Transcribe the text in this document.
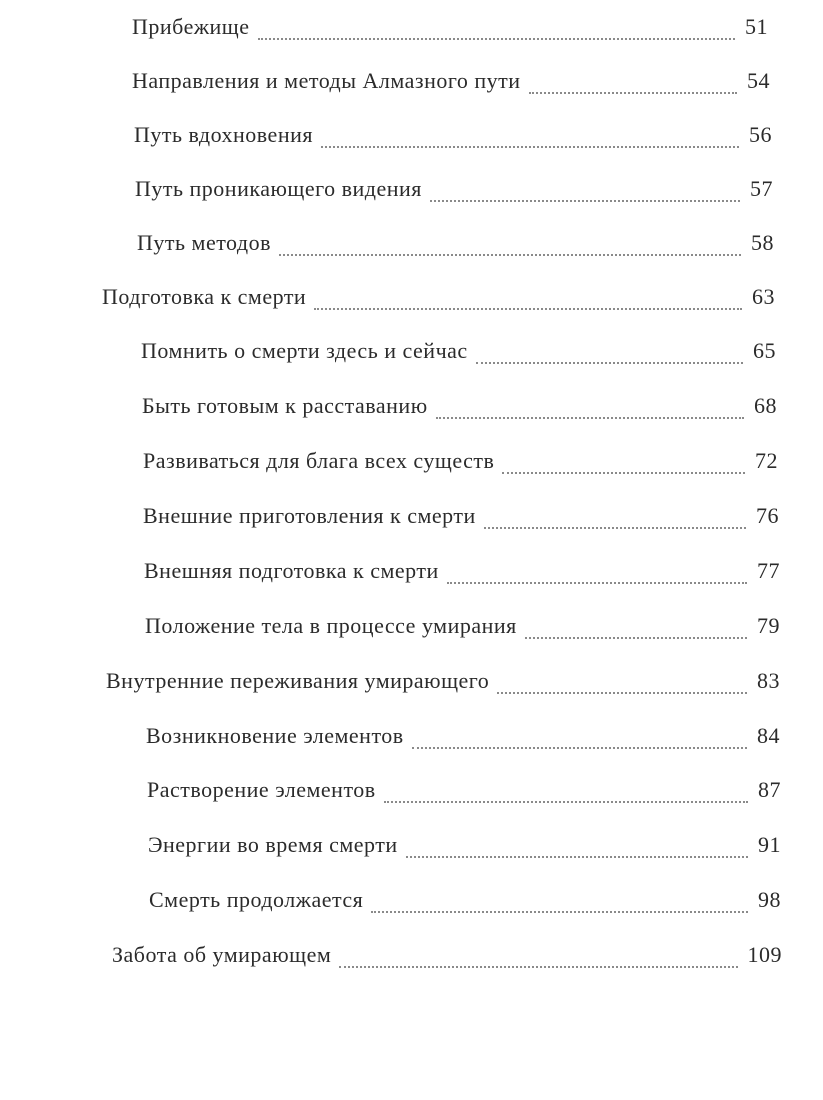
Прибежище	51
Направления и методы Алмазного пути	54
Путь вдохновения	56
Путь проникающего видения	57
Путь методов	58
Подготовка к смерти	63
Помнить о смерти здесь и сейчас	65
Быть готовым к расставанию	68
Развиваться для блага всех существ	72
Внешние приготовления к смерти	76
Внешняя подготовка к смерти	77
Положение тела в процессе умирания	79
Внутренние переживания умирающего	83
Возникновение элементов	84
Растворение элементов	87
Энергии во время смерти	91
Смерть продолжается	98
Забота об умирающем	109
